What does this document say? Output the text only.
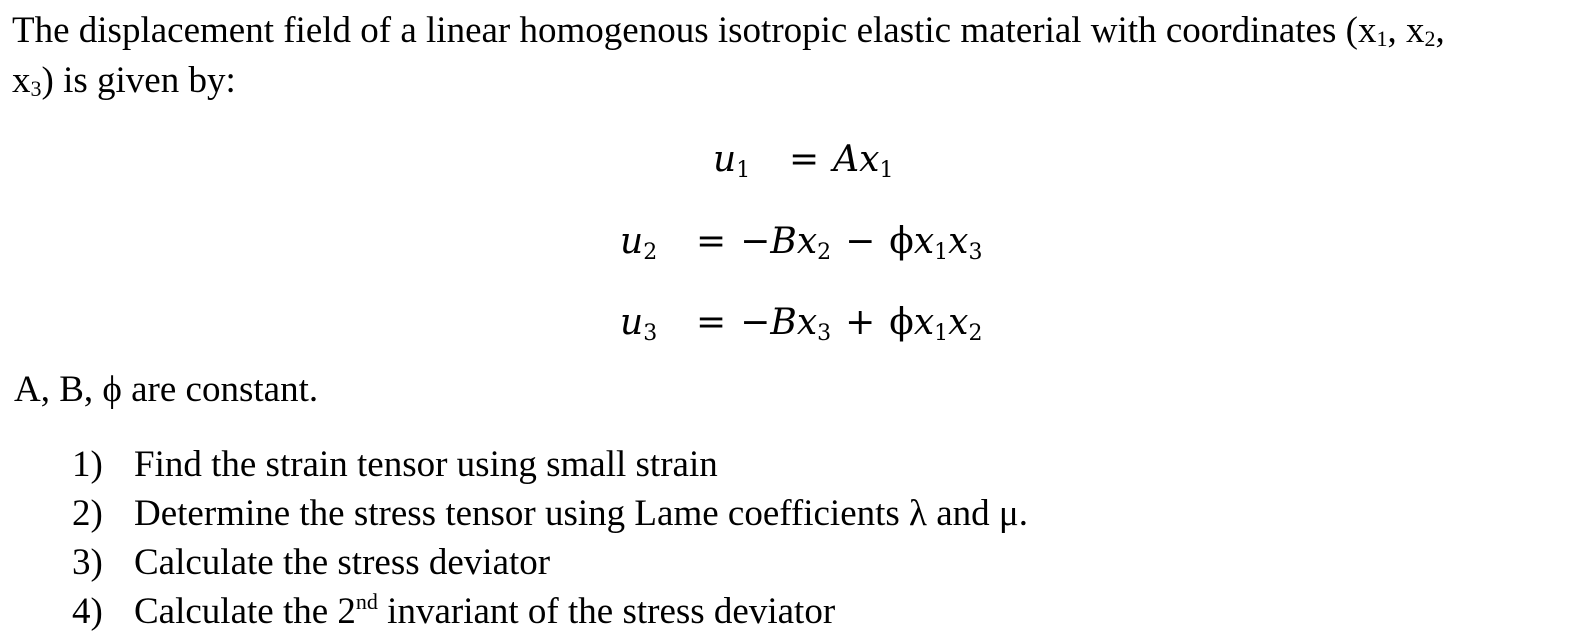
The displacement field of a linear homogenous isotropic elastic material with coordinates ($x_1$, $x_2$,
$x_3$) is given by:
$u_1 = Ax_1$
$u_2 = -Bx_2 - \phi x_1x_3$
$u_3 = -Bx_3 + \phi x_1x_2$
A, B, ϕ are constant.
1) Find the strain tensor using small strain
2) Determine the stress tensor using Lame coefficients λ and μ.
3) Calculate the stress deviator
4) Calculate the 2nd invariant of the stress deviator
